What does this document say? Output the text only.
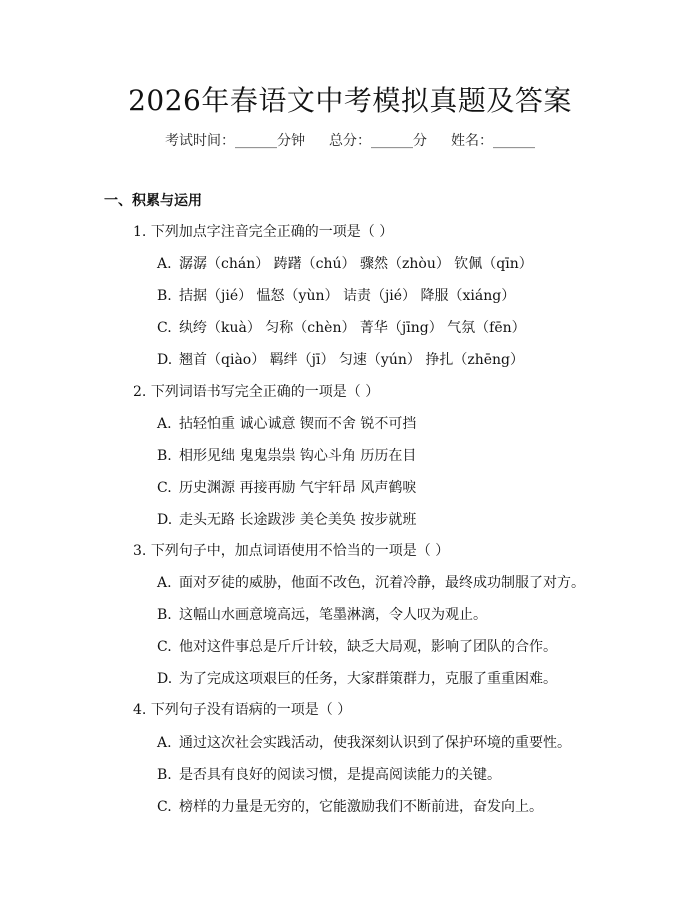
2026年春语文中考模拟真题及答案
考试时间：______分钟 总分：______分 姓名：______
一、积累与运用
1. 下列加点字注音完全正确的一项是（ ）
A. 潺潺（chán） 踌躇（chú） 骤然（zhòu） 钦佩（qīn）
B. 拮据（jié） 愠怒（yùn） 诘责（jié） 降服（xiáng）
C. 纨绔（kuà） 匀称（chèn） 菁华（jīng） 气氛（fēn）
D. 翘首（qiào） 羁绊（jī） 匀速（yún） 挣扎（zhēng）
2. 下列词语书写完全正确的一项是（ ）
A. 拈轻怕重 诚心诚意 锲而不舍 锐不可挡
B. 相形见绌 鬼鬼祟祟 钩心斗角 历历在目
C. 历史渊源 再接再励 气宇轩昂 风声鹤唳
D. 走头无路 长途跋涉 美仑美奂 按步就班
3. 下列句子中，加点词语使用不恰当的一项是（ ）
A. 面对歹徒的威胁，他面不改色，沉着冷静，最终成功制服了对方。
B. 这幅山水画意境高远，笔墨淋漓，令人叹为观止。
C. 他对这件事总是斤斤计较，缺乏大局观，影响了团队的合作。
D. 为了完成这项艰巨的任务，大家群策群力，克服了重重困难。
4. 下列句子没有语病的一项是（ ）
A. 通过这次社会实践活动，使我深刻认识到了保护环境的重要性。
B. 是否具有良好的阅读习惯，是提高阅读能力的关键。
C. 榜样的力量是无穷的，它能激励我们不断前进，奋发向上。
